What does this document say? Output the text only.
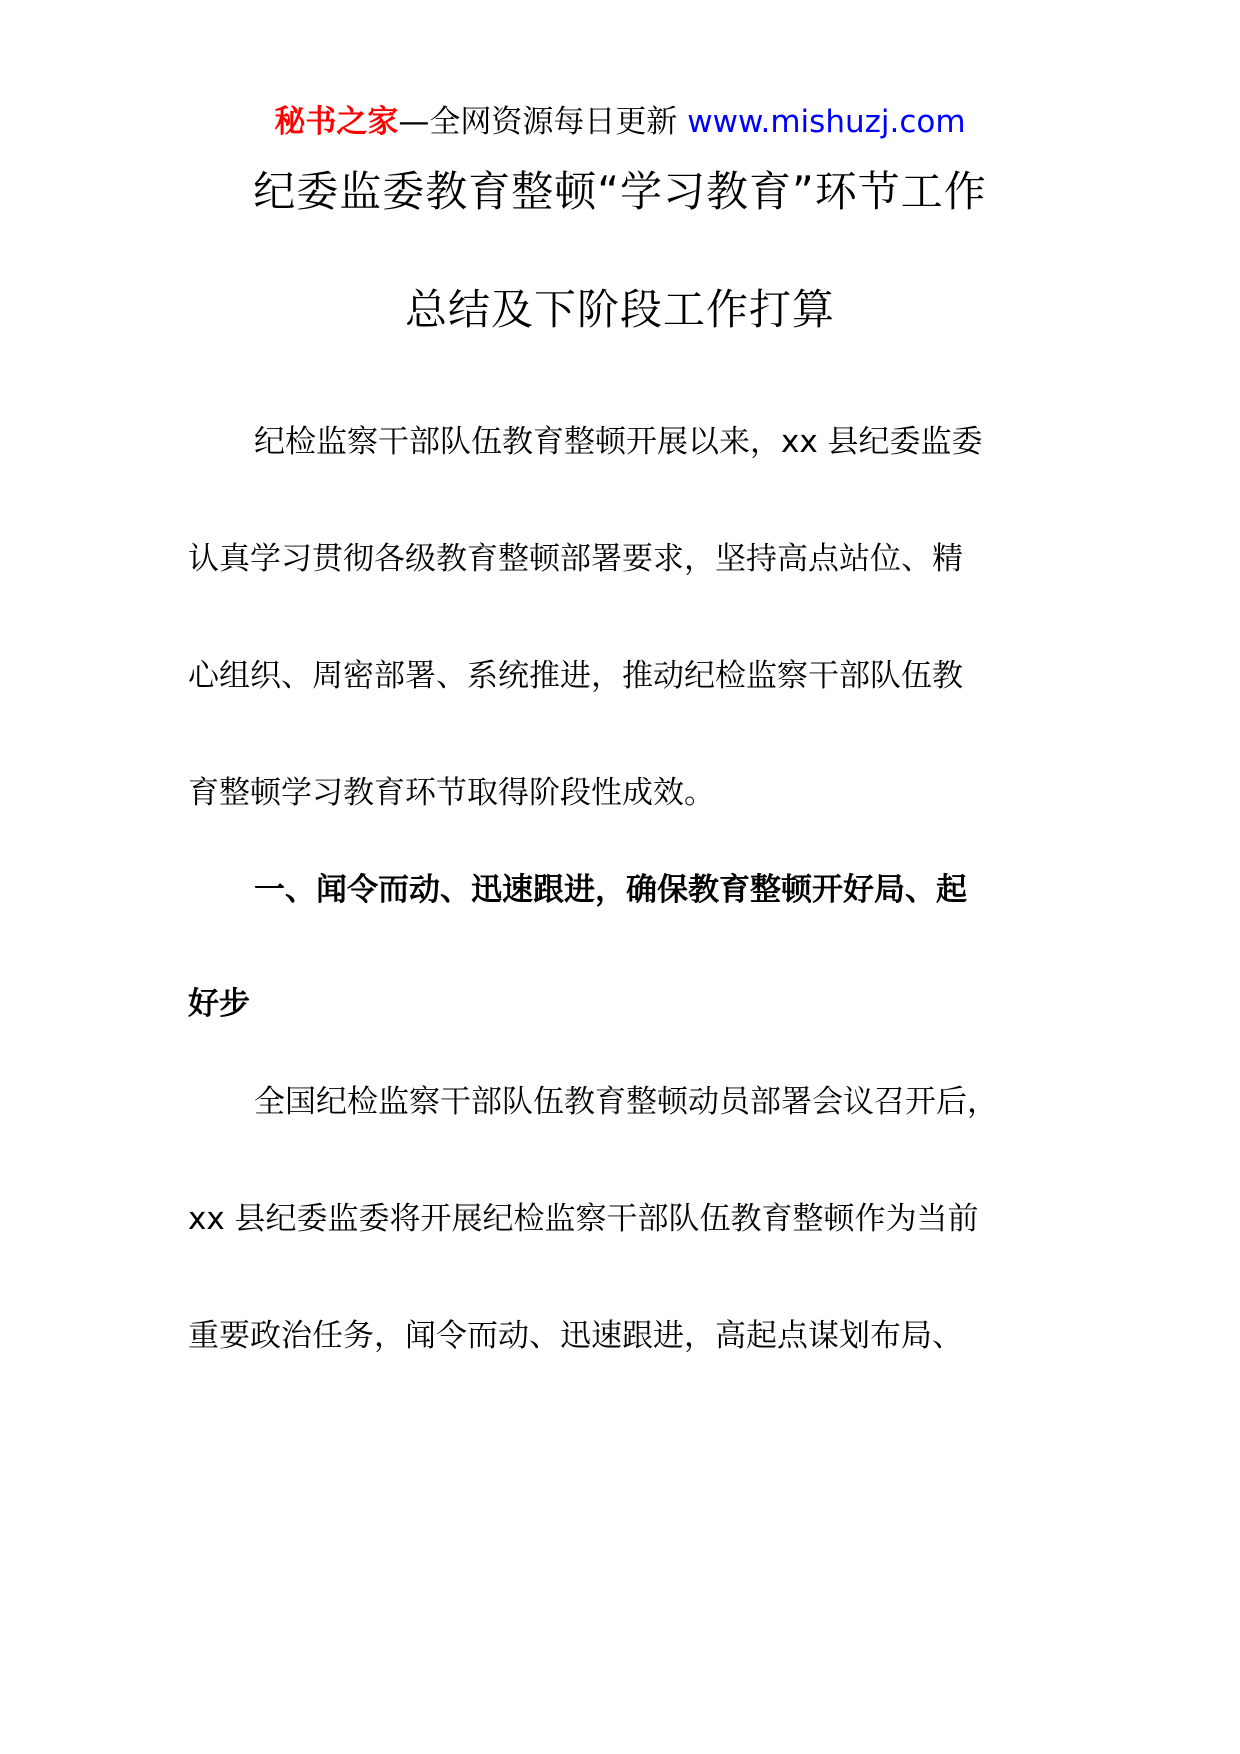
秘书之家—全网资源每日更新 www.mishuzj.com
纪委监委教育整顿“学习教育”环节工作
总结及下阶段工作打算
纪检监察干部队伍教育整顿开展以来，xx 县纪委监委
认真学习贯彻各级教育整顿部署要求，坚持高点站位、精
心组织、周密部署、系统推进，推动纪检监察干部队伍教
育整顿学习教育环节取得阶段性成效。
一、闻令而动、迅速跟进，确保教育整顿开好局、起
好步
全国纪检监察干部队伍教育整顿动员部署会议召开后，
xx 县纪委监委将开展纪检监察干部队伍教育整顿作为当前
重要政治任务，闻令而动、迅速跟进，高起点谋划布局、
